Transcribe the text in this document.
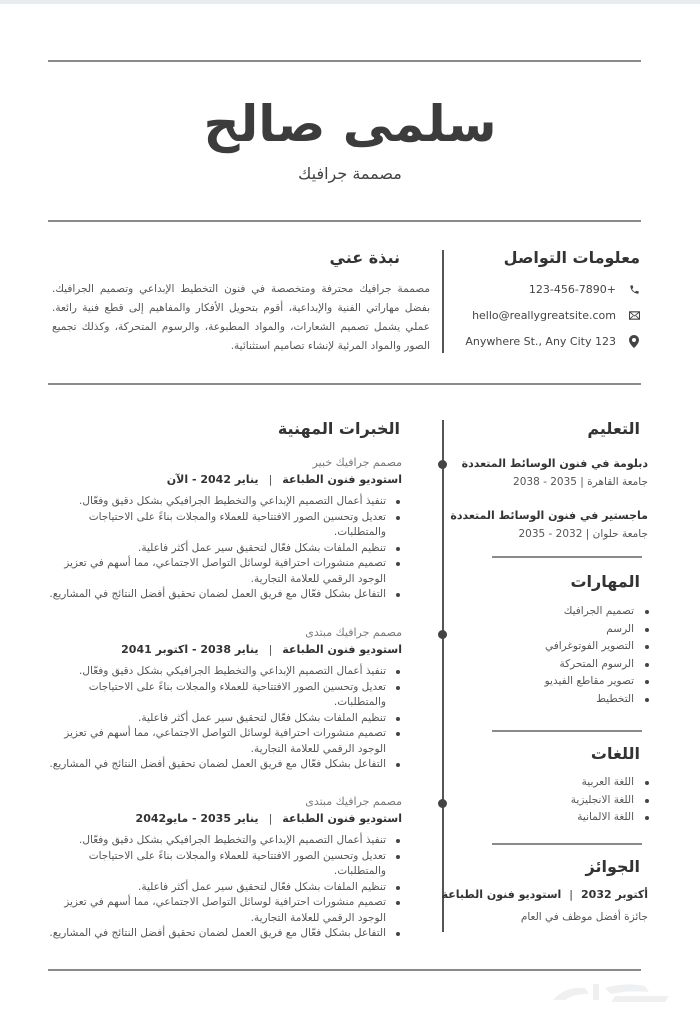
سلمى صالح
مصممة جرافيك
معلومات التواصل
123-456-7890+
hello@reallygreatsite.com
Anywhere St., Any City 123
نبذة عني
مصممة جرافيك محترفة ومتخصصة في فنون التخطيط الإبداعي وتصميم الجرافيك. بفضل مهاراتي الفنية والإبداعية، أقوم بتحويل الأفكار والمفاهيم إلى قطع فنية رائعة. عملي يشمل تصميم الشعارات، والمواد المطبوعة، والرسوم المتحركة، وكذلك تجميع الصور والمواد المرئية لإنشاء تصاميم استثنائية.
التعليم
دبلومة في فنون الوسائط المتعددة
جامعة القاهرة | 2035 - 2038
ماجستير في فنون الوسائط المتعددة
جامعة حلوان | 2032 - 2035
المهارات
تصميم الجرافيك
الرسم
التصوير الفوتوغرافي
الرسوم المتحركة
تصوير مقاطع الفيديو
التخطيط
اللغات
اللغة العربية
اللغة الانجليزية
اللغة الالمانية
الجوائز
أكتوبر 2032|استوديو فنون الطباعة
جائزة أفضل موظف في العام
الخبرات المهنية
مصمم جرافيك خبير
استوديو فنون الطباعة|يناير 2042 - الآن
تنفيذ أعمال التصميم الإبداعي والتخطيط الجرافيكي بشكل دقيق وفعّال.
تعديل وتحسين الصور الافتتاحية للعملاء والمجلات بناءً على الاحتياجات والمتطلبات.
تنظيم الملفات بشكل فعّال لتحقيق سير عمل أكثر فاعلية.
تصميم منشورات احترافية لوسائل التواصل الاجتماعي، مما أسهم في تعزيز الوجود الرقمي للعلامة التجارية.
التفاعل بشكل فعّال مع فريق العمل لضمان تحقيق أفضل النتائج في المشاريع.
مصمم جرافيك مبتدى
استوديو فنون الطباعة|يناير 2038 - اكتوبر 2041
تنفيذ أعمال التصميم الإبداعي والتخطيط الجرافيكي بشكل دقيق وفعّال.
تعديل وتحسين الصور الافتتاحية للعملاء والمجلات بناءً على الاحتياجات والمتطلبات.
تنظيم الملفات بشكل فعّال لتحقيق سير عمل أكثر فاعلية.
تصميم منشورات احترافية لوسائل التواصل الاجتماعي، مما أسهم في تعزيز الوجود الرقمي للعلامة التجارية.
التفاعل بشكل فعّال مع فريق العمل لضمان تحقيق أفضل النتائج في المشاريع.
مصمم جرافيك مبتدى
استوديو فنون الطباعة|يناير 2035 - مايو2042
تنفيذ أعمال التصميم الإبداعي والتخطيط الجرافيكي بشكل دقيق وفعّال.
تعديل وتحسين الصور الافتتاحية للعملاء والمجلات بناءً على الاحتياجات والمتطلبات.
تنظيم الملفات بشكل فعّال لتحقيق سير عمل أكثر فاعلية.
تصميم منشورات احترافية لوسائل التواصل الاجتماعي، مما أسهم في تعزيز الوجود الرقمي للعلامة التجارية.
التفاعل بشكل فعّال مع فريق العمل لضمان تحقيق أفضل النتائج في المشاريع.
